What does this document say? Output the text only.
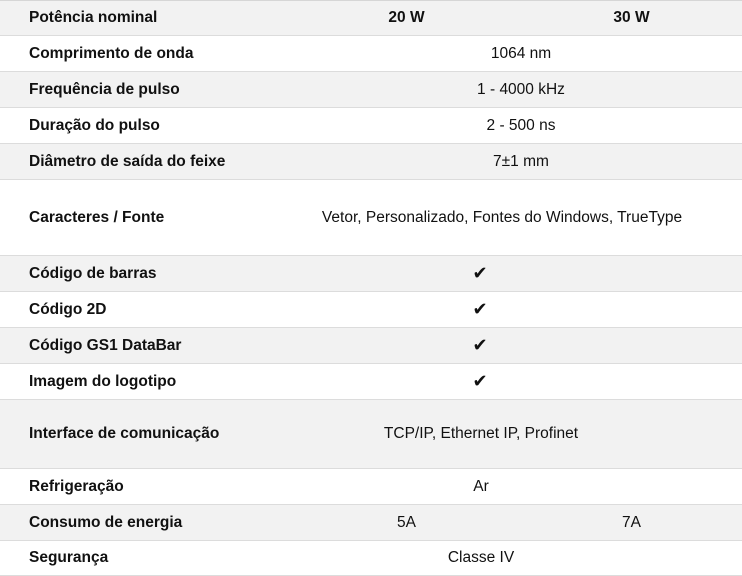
Potência nominal	20 W	30 W
Comprimento de onda	1064 nm
Frequência de pulso	1 - 4000 kHz
Duração do pulso	2 - 500 ns
Diâmetro de saída do feixe	7±1 mm
Caracteres / Fonte	Vetor, Personalizado, Fontes do Windows, TrueType
Código de barras	✔
Código 2D	✔
Código GS1 DataBar	✔
Imagem do logotipo	✔
Interface de comunicação	TCP/IP, Ethernet IP, Profinet
Refrigeração	Ar
Consumo de energia	5A	7A
Segurança	Classe IV
